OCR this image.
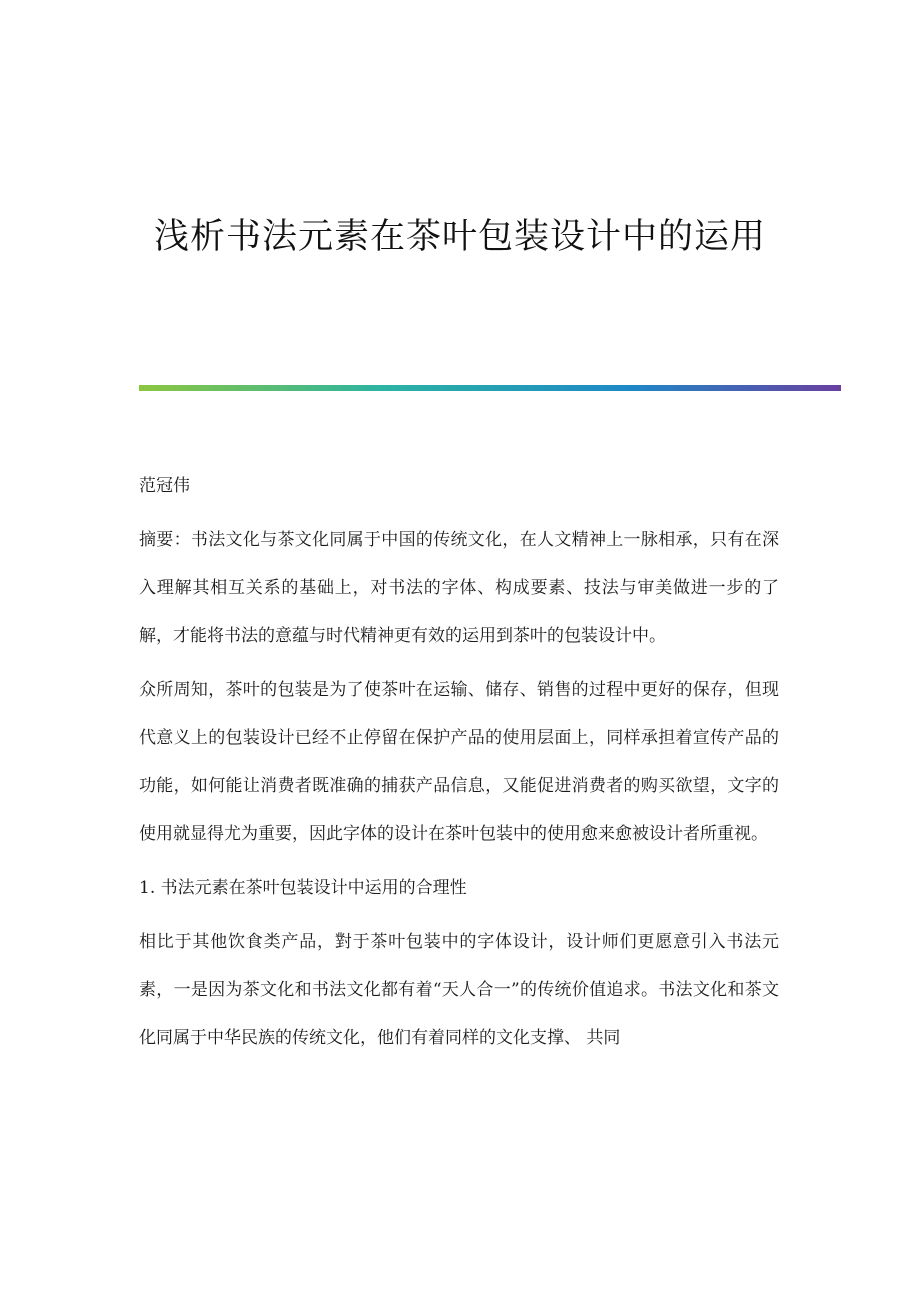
浅析书法元素在茶叶包装设计中的运用

范冠伟

摘要：书法文化与茶文化同属于中国的传统文化，在人文精神上一脉相承，只有在深入理解其相互关系的基础上，对书法的字体、构成要素、技法与审美做进一步的了解，才能将书法的意蕴与时代精神更有效的运用到茶叶的包装设计中。

众所周知，茶叶的包装是为了使茶叶在运输、储存、销售的过程中更好的保存，但现代意义上的包装设计已经不止停留在保护产品的使用层面上，同样承担着宣传产品的功能，如何能让消费者既准确的捕获产品信息，又能促进消费者的购买欲望，文字的使用就显得尤为重要，因此字体的设计在茶叶包装中的使用愈来愈被设计者所重视。

1. 书法元素在茶叶包装设计中运用的合理性

相比于其他饮食类产品，對于茶叶包装中的字体设计，设计师们更愿意引入书法元素，一是因为茶文化和书法文化都有着“天人合一”的传统价值追求。书法文化和茶文化同属于中华民族的传统文化，他们有着同样的文化支撑、 共同
